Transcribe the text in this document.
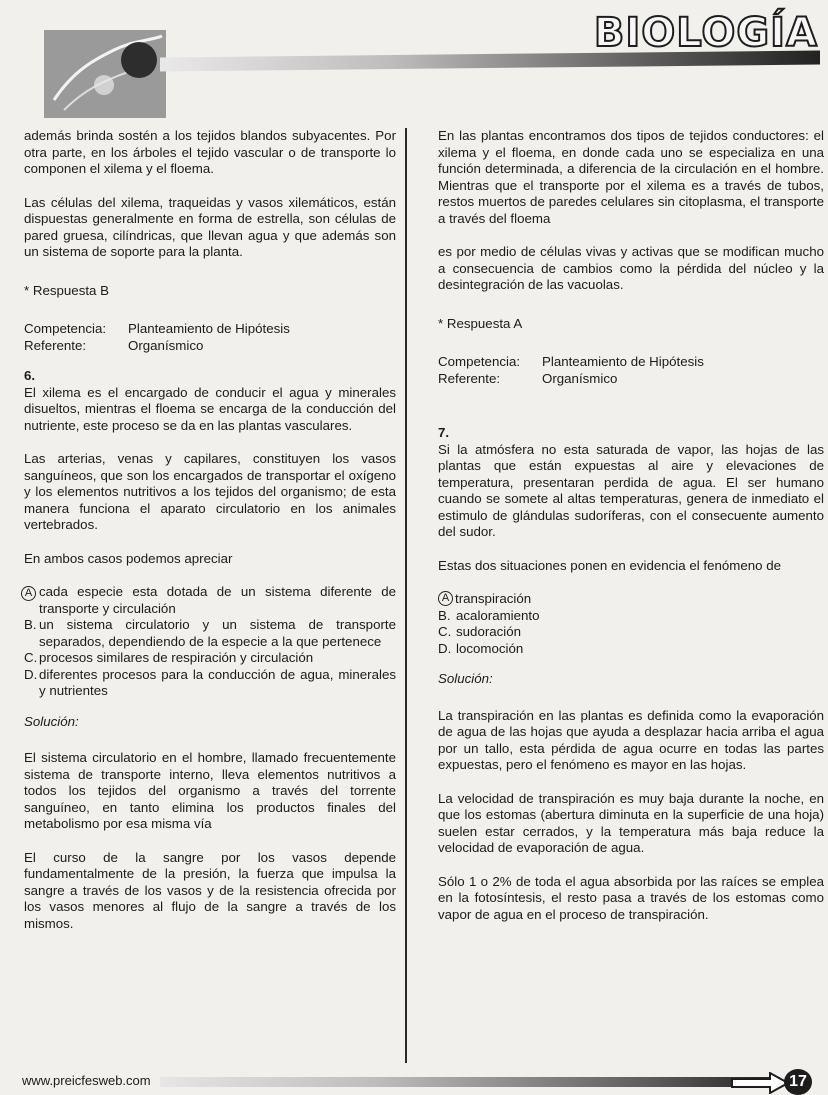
BIOLOGÍA

además brinda sostén a los tejidos blandos subyacentes. Por otra parte, en los árboles el tejido vascular o de transporte lo componen el xilema y el floema.

Las células del xilema, traqueidas y vasos xilemáticos, están dispuestas generalmente en forma de estrella, son células de pared gruesa, cilíndricas, que llevan agua y que además son un sistema de soporte para la planta.

* Respuesta B

Competencia:	Planteamiento de Hipótesis
Referente:	Organísmico

6.

El xilema es el encargado de conducir el agua y minerales disueltos, mientras el floema se encarga de la conducción del nutriente, este proceso se da en las plantas vasculares.

Las arterias, venas y capilares, constituyen los vasos sanguíneos, que son los encargados de transportar el oxígeno y los elementos nutritivos a los tejidos del organismo; de esta manera funciona el aparato circulatorio en los animales vertebrados.

En ambos casos podemos apreciar

A cada especie esta dotada de un sistema diferente de transporte y circulación
B. un sistema circulatorio y un sistema de transporte separados, dependiendo de la especie a la que pertenece
C. procesos similares de respiración y circulación
D. diferentes procesos para la conducción de agua, minerales y nutrientes

Solución:

El sistema circulatorio en el hombre, llamado frecuentemente sistema de transporte interno, lleva elementos nutritivos a todos los tejidos del organismo a través del torrente sanguíneo, en tanto elimina los productos finales del metabolismo por esa misma vía

El curso de la sangre por los vasos depende fundamentalmente de la presión, la fuerza que impulsa la sangre a través de los vasos y de la resistencia ofrecida por los vasos menores al flujo de la sangre a través de los mismos.

En las plantas encontramos dos tipos de tejidos conductores: el xilema y el floema, en donde cada uno se especializa en una función determinada, a diferencia de la circulación en el hombre. Mientras que el transporte por el xilema es a través de tubos, restos muertos de paredes celulares sin citoplasma, el transporte a través del floema

es por medio de células vivas y activas que se modifican mucho a consecuencia de cambios como la pérdida del núcleo y la desintegración de las vacuolas.

* Respuesta A

Competencia:	Planteamiento de Hipótesis
Referente:	Organísmico

7.

Si la atmósfera no esta saturada de vapor, las hojas de las plantas que están expuestas al aire y elevaciones de temperatura, presentaran perdida de agua. El ser humano cuando se somete al altas temperaturas, genera de inmediato el estimulo de glándulas sudoríferas, con el consecuente aumento del sudor.

Estas dos situaciones ponen en evidencia el fenómeno de

A transpiración
B. acaloramiento
C. sudoración
D. locomoción

Solución:

La transpiración en las plantas es definida como la evaporación de agua de las hojas que ayuda a desplazar hacia arriba el agua por un tallo, esta pérdida de agua ocurre en todas las partes expuestas, pero el fenómeno es mayor en las hojas.

La velocidad de transpiración es muy baja durante la noche, en que los estomas (abertura diminuta en la superficie de una hoja) suelen estar cerrados, y la temperatura más baja reduce la velocidad de evaporación de agua.

Sólo 1 o 2% de toda el agua absorbida por las raíces se emplea en la fotosíntesis, el resto pasa a través de los estomas como vapor de agua en el proceso de transpiración.

www.preicfesweb.com	17
